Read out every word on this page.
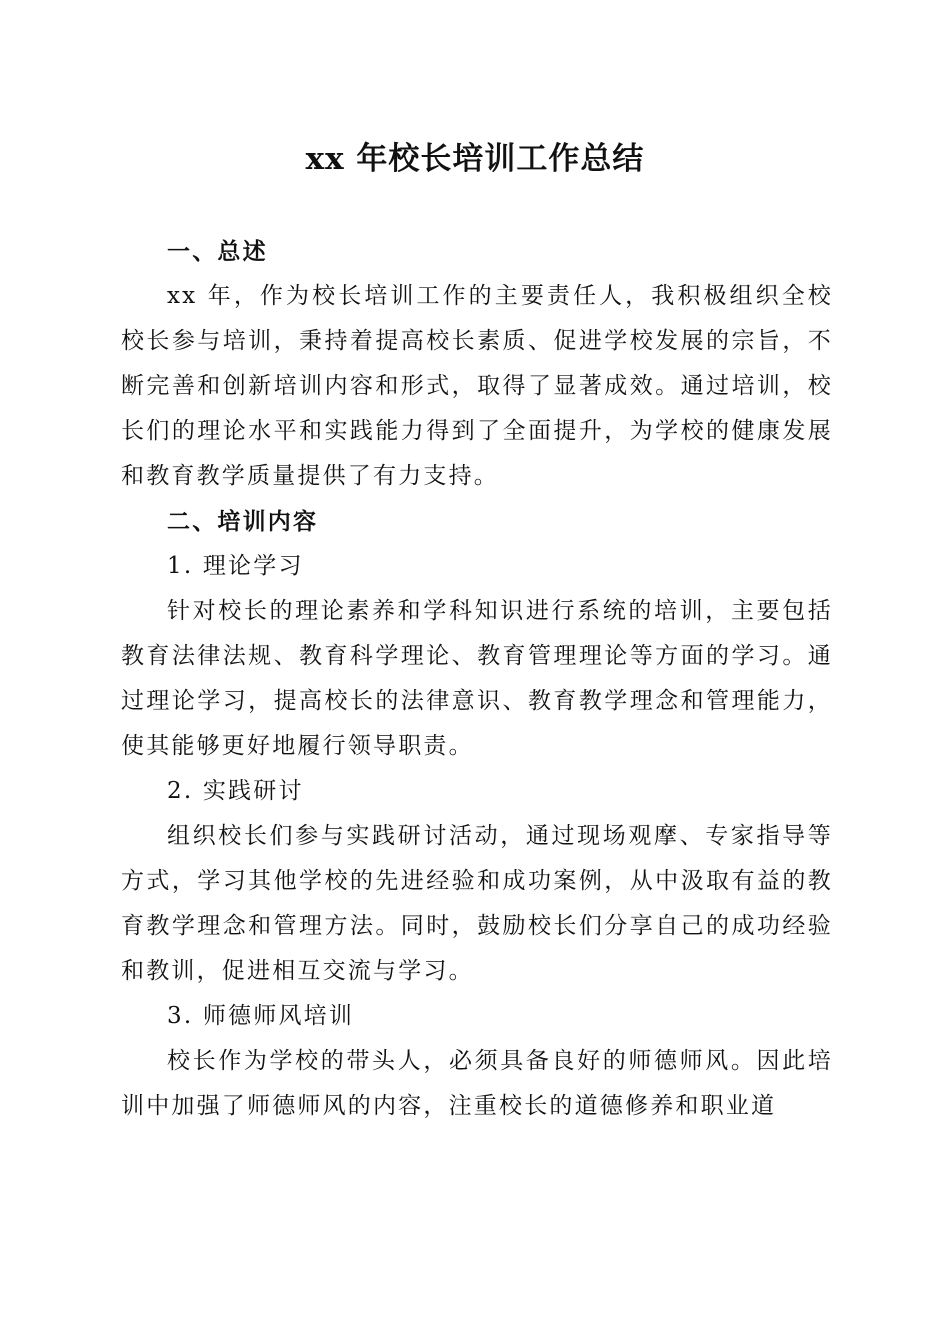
xx 年校长培训工作总结
一、总述

xx 年，作为校长培训工作的主要责任人，我积极组织全校校长参与培训，秉持着提高校长素质、促进学校发展的宗旨，不断完善和创新培训内容和形式，取得了显著成效。通过培训，校长们的理论水平和实践能力得到了全面提升，为学校的健康发展和教育教学质量提供了有力支持。

二、培训内容

1. 理论学习

针对校长的理论素养和学科知识进行系统的培训，主要包括教育法律法规、教育科学理论、教育管理理论等方面的学习。通过理论学习，提高校长的法律意识、教育教学理念和管理能力，使其能够更好地履行领导职责。

2. 实践研讨

组织校长们参与实践研讨活动，通过现场观摩、专家指导等方式，学习其他学校的先进经验和成功案例，从中汲取有益的教育教学理念和管理方法。同时，鼓励校长们分享自己的成功经验和教训，促进相互交流与学习。

3. 师德师风培训

校长作为学校的带头人，必须具备良好的师德师风。因此培训中加强了师德师风的内容，注重校长的道德修养和职业道
